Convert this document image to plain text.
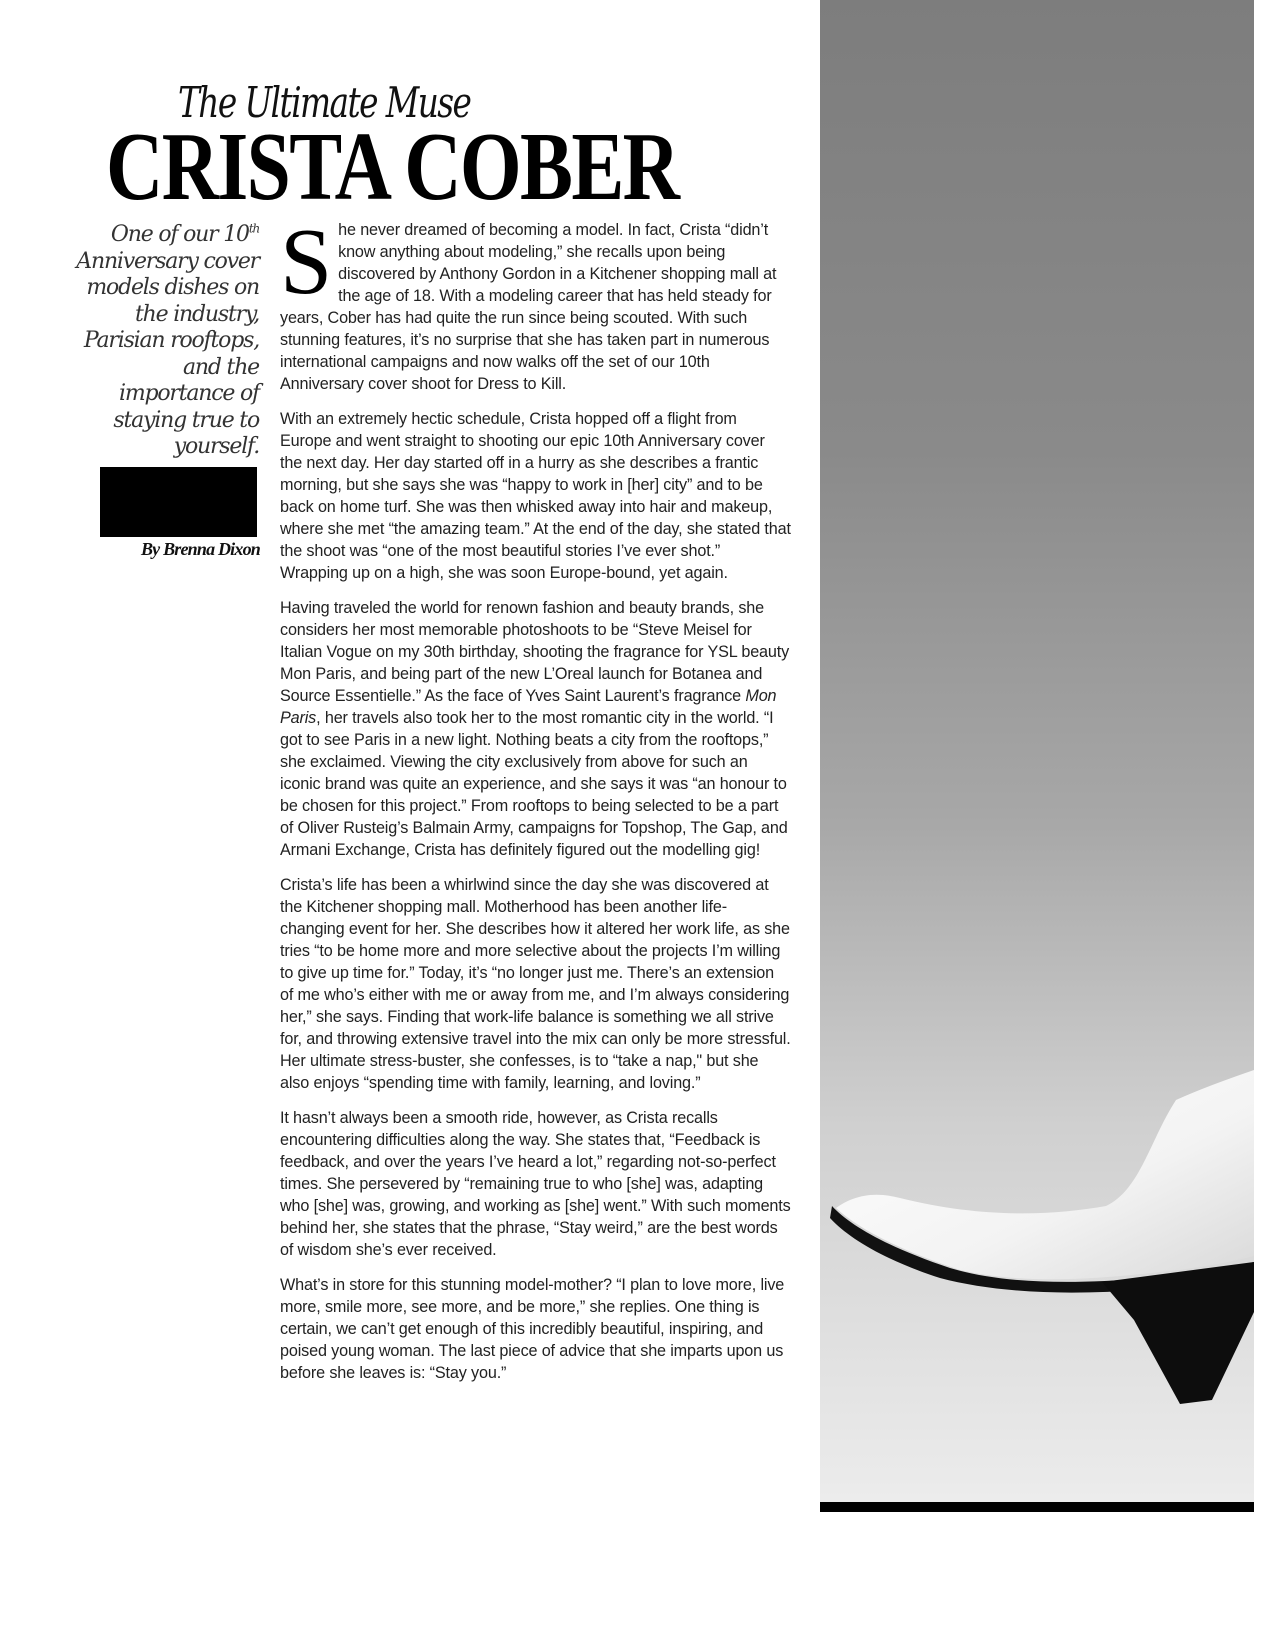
The Ultimate Muse
CRISTA COBER
One of our 10th Anniversary cover models dishes on the industry, Parisian rooftops, and the importance of staying true to yourself.
By Brenna Dixon

She never dreamed of becoming a model. In fact, Crista “didn’t know anything about modeling,” she recalls upon being discovered by Anthony Gordon in a Kitchener shopping mall at the age of 18. With a modeling career that has held steady for years, Cober has had quite the run since being scouted. With such stunning features, it’s no surprise that she has taken part in numerous international campaigns and now walks off the set of our 10th Anniversary cover shoot for Dress to Kill.

With an extremely hectic schedule, Crista hopped off a flight from Europe and went straight to shooting our epic 10th Anniversary cover the next day. Her day started off in a hurry as she describes a frantic morning, but she says she was “happy to work in [her] city” and to be back on home turf. She was then whisked away into hair and makeup, where she met “the amazing team.” At the end of the day, she stated that the shoot was “one of the most beautiful stories I’ve ever shot.” Wrapping up on a high, she was soon Europe-bound, yet again.

Having traveled the world for renown fashion and beauty brands, she considers her most memorable photoshoots to be “Steve Meisel for Italian Vogue on my 30th birthday, shooting the fragrance for YSL beauty Mon Paris, and being part of the new L’Oreal launch for Botanea and Source Essentielle.” As the face of Yves Saint Laurent’s fragrance Mon Paris, her travels also took her to the most romantic city in the world. “I got to see Paris in a new light. Nothing beats a city from the rooftops,” she exclaimed. Viewing the city exclusively from above for such an iconic brand was quite an experience, and she says it was “an honour to be chosen for this project.” From rooftops to being selected to be a part of Oliver Rusteig’s Balmain Army, campaigns for Topshop, The Gap, and Armani Exchange, Crista has definitely figured out the modelling gig!

Crista’s life has been a whirlwind since the day she was discovered at the Kitchener shopping mall. Motherhood has been another life-changing event for her. She describes how it altered her work life, as she tries “to be home more and more selective about the projects I’m willing to give up time for.” Today, it’s “no longer just me. There’s an extension of me who’s either with me or away from me, and I’m always considering her,” she says. Finding that work-life balance is something we all strive for, and throwing extensive travel into the mix can only be more stressful. Her ultimate stress-buster, she confesses, is to “take a nap," but she also enjoys “spending time with family, learning, and loving.”

It hasn’t always been a smooth ride, however, as Crista recalls encountering difficulties along the way. She states that, “Feedback is feedback, and over the years I’ve heard a lot,” regarding not-so-perfect times. She persevered by “remaining true to who [she] was, adapting who [she] was, growing, and working as [she] went.” With such moments behind her, she states that the phrase, “Stay weird,” are the best words of wisdom she’s ever received.

What’s in store for this stunning model-mother? “I plan to love more, live more, smile more, see more, and be more,” she replies. One thing is certain, we can’t get enough of this incredibly beautiful, inspiring, and poised young woman. The last piece of advice that she imparts upon us before she leaves is: “Stay you.”
